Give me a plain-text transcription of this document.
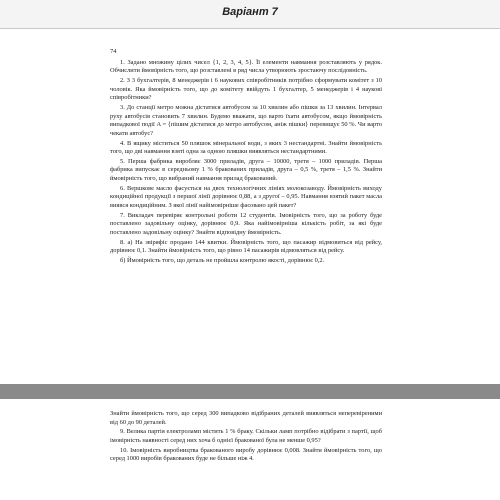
Варіант 7
74

1. Задано множину цілих чисел {1, 2, 3, 4, 5}. Її елементи навмання розставляють у рядок. Обчислити ймовірність того, що розставлені в ряд числа утворюють зростаючу послідовність.

2. З 3 бухгалтерів, 8 менеджерів і 6 наукових співробітників потрібно сформувати комітет з 10 чоловік. Яка ймовірність того, що до комітету ввійдуть 1 бухгалтер, 5 менеджерів і 4 наукові співробітники?

3. До станції метро можна дістатися автобусом за 10 хвилин або пішки за 13 хвилин. Інтервал руху автобусів становить 7 хвилин. Будемо вважати, що варто їхати автобусом, якщо ймовірність випадкової події A = {пішим дістатися до метро автобусом, аніж пішки} перевищує 50 %. Чи варто чекати автобус?

4. В ящику міститься 50 пляшок мінеральної води, з яких 3 нестандартні. Знайти ймовірність того, що дві навмання взяті одна за одною пляшки виявляться нестандартними.

5. Перша фабрика виробляє 3000 приладів, друга – 10000, третя – 1000 приладів. Перша фабрика випускає в середньому 1 % бракованих приладів, друга – 0,5 %, третя – 1,5 %. Знайти ймовірність того, що вибраний навмання прилад бракований.

6. Вершкове масло фасується на двох технологічних лініях молокозаводу. Ймовірність виходу кондиційної продукції з першої лінії дорівнює 0,88, а з другої – 0,95. Навмання взятий пакет масла виявся кондиційним. З якої лінії найімовірніше фасовано цей пакет?

7. Викладач перевіряє контрольні роботи 12 студентів. Імовірність того, що за роботу буде поставлено задовільну оцінку, дорівнює 0,9. Яка найімовірніша кількість робіт, за які буде поставлено задовільну оцінку? Знайти відповідну ймовірність.

8. а) На звіряфіс продано 144 квитки. Ймовірність того, що пасажир відмовиться від рейсу, дорівнює 0,1. Знайти ймовірність того, що рівно 14 пасажирів відмовляться від рейсу.

б) Ймовірність того, що деталь не пройшла контролю якості, дорівнює 0,2.

Знайти ймовірність того, що серед 300 випадково відібраних деталей виявляться неперевіреними від 60 до 90 деталей.

9. Велика партія електроламп містить 1 % браку. Скільки ламп потрібно відібрати з партії, щоб імовірність наявності серед них хоча б однієї бракованої була не менше 0,95?

10. Імовірність виробництва бракованого виробу дорівнює 0,008. Знайти ймовірність того, що серед 1000 виробів бракованих буде не більше ніж 4.
